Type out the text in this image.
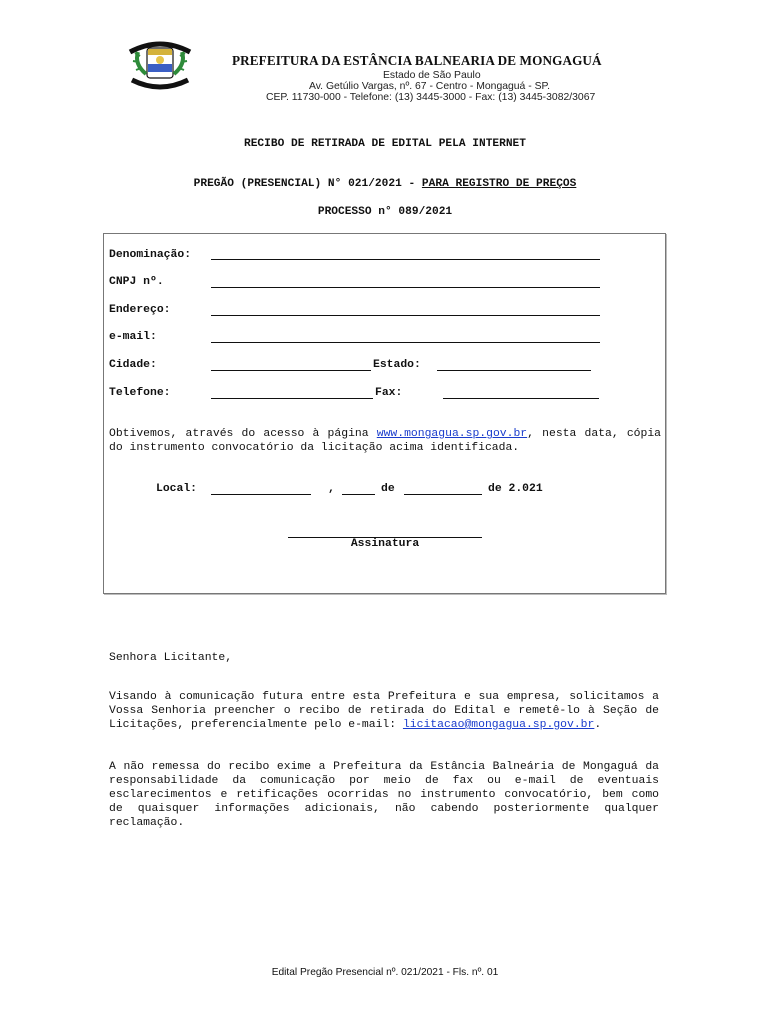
PREFEITURA DA ESTÂNCIA BALNEARIA DE MONGAGUÁ
Estado de São Paulo
Av. Getúlio Vargas, nº. 67 - Centro - Mongaguá - SP.
CEP. 11730-000 - Telefone: (13) 3445-3000 - Fax: (13) 3445-3082/3067
RECIBO DE RETIRADA DE EDITAL PELA INTERNET
PREGÃO (PRESENCIAL) N° 021/2021 - PARA REGISTRO DE PREÇOS
PROCESSO n° 089/2021
Denominação:
CNPJ nº.
Endereço:
e-mail:
Cidade:	Estado:
Telefone:	Fax:
Obtivemos, através do acesso à página www.mongagua.sp.gov.br, nesta data, cópia do instrumento convocatório da licitação acima identificada.
Local:	,	de	de 2.021
Assinatura
Senhora Licitante,
Visando à comunicação futura entre esta Prefeitura e sua empresa, solicitamos a Vossa Senhoria preencher o recibo de retirada do Edital e remetê-lo à Seção de Licitações, preferencialmente pelo e-mail: licitacao@mongagua.sp.gov.br.
A não remessa do recibo exime a Prefeitura da Estância Balneária de Mongaguá da responsabilidade da comunicação por meio de fax ou e-mail de eventuais esclarecimentos e retificações ocorridas no instrumento convocatório, bem como de quaisquer informações adicionais, não cabendo posteriormente qualquer reclamação.
Edital Pregão Presencial nº. 021/2021 - Fls. nº. 01
